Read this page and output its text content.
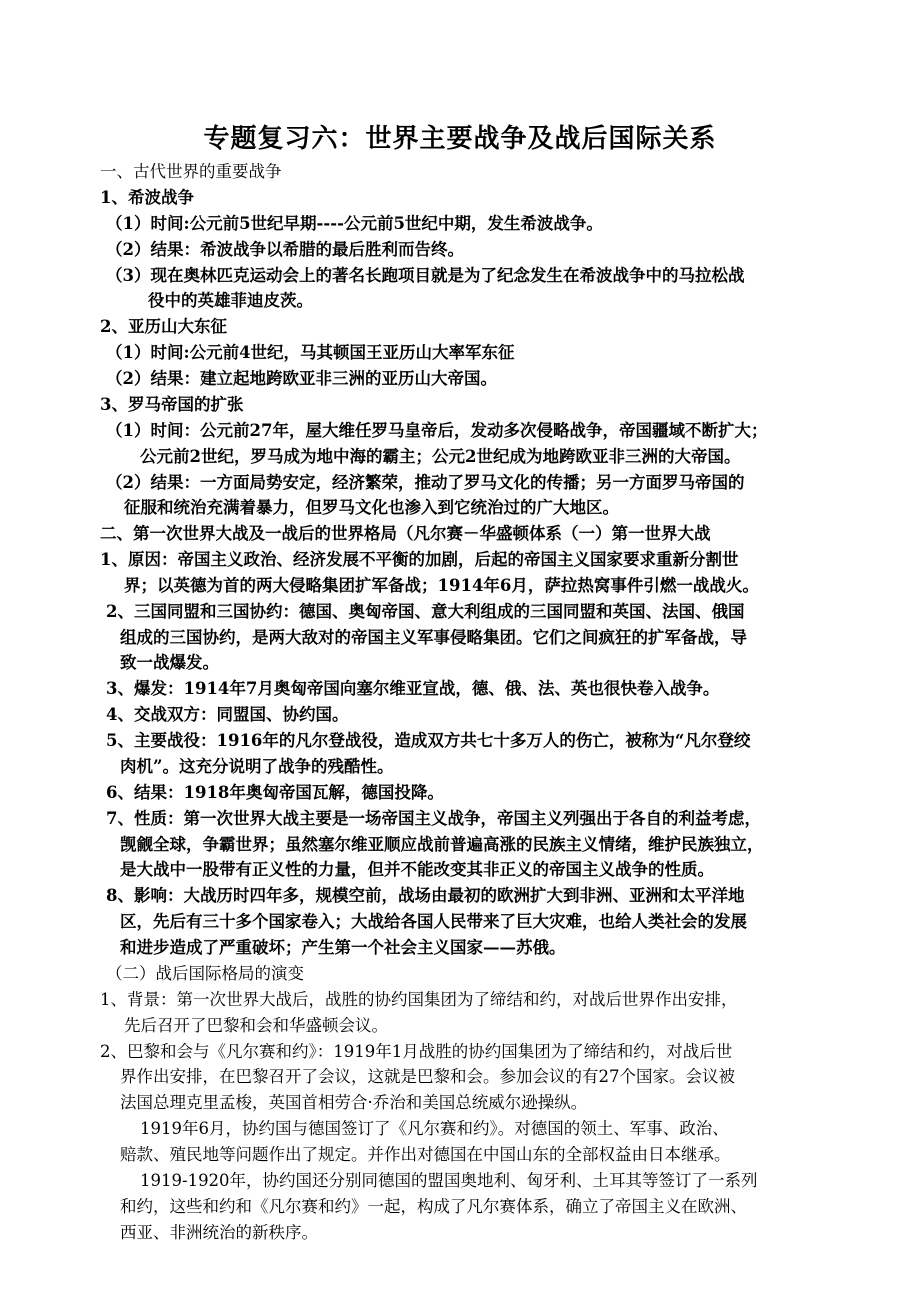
专题复习六：世界主要战争及战后国际关系
一、古代世界的重要战争
1、希波战争
（1）时间:公元前5世纪早期----公元前5世纪中期，发生希波战争。
（2）结果：希波战争以希腊的最后胜利而告终。
（3）现在奥林匹克运动会上的著名长跑项目就是为了纪念发生在希波战争中的马拉松战
役中的英雄菲迪皮茨。
2、亚历山大东征
（1）时间:公元前4世纪，马其顿国王亚历山大率军东征
（2）结果：建立起地跨欧亚非三洲的亚历山大帝国。
3、罗马帝国的扩张
（1）时间：公元前27年，屋大维任罗马皇帝后，发动多次侵略战争，帝国疆域不断扩大；
公元前2世纪，罗马成为地中海的霸主；公元2世纪成为地跨欧亚非三洲的大帝国。
（2）结果：一方面局势安定，经济繁荣，推动了罗马文化的传播；另一方面罗马帝国的
征服和统治充满着暴力，但罗马文化也渗入到它统治过的广大地区。
二、第一次世界大战及一战后的世界格局（凡尔赛－华盛顿体系（一）第一世界大战
1、原因：帝国主义政治、经济发展不平衡的加剧，后起的帝国主义国家要求重新分割世
界；以英德为首的两大侵略集团扩军备战；1914年6月，萨拉热窝事件引燃一战战火。
2、三国同盟和三国协约：德国、奥匈帝国、意大利组成的三国同盟和英国、法国、俄国
组成的三国协约，是两大敌对的帝国主义军事侵略集团。它们之间疯狂的扩军备战，导
致一战爆发。
3、爆发：1914年7月奥匈帝国向塞尔维亚宣战，德、俄、法、英也很快卷入战争。
4、交战双方：同盟国、协约国。
5、主要战役：1916年的凡尔登战役，造成双方共七十多万人的伤亡，被称为“凡尔登绞
肉机”。这充分说明了战争的残酷性。
6、结果：1918年奥匈帝国瓦解，德国投降。
7、性质：第一次世界大战主要是一场帝国主义战争，帝国主义列强出于各自的利益考虑，
觊觎全球，争霸世界；虽然塞尔维亚顺应战前普遍高涨的民族主义情绪，维护民族独立，
是大战中一股带有正义性的力量，但并不能改变其非正义的帝国主义战争的性质。
8、影响：大战历时四年多，规模空前，战场由最初的欧洲扩大到非洲、亚洲和太平洋地
区，先后有三十多个国家卷入；大战给各国人民带来了巨大灾难，也给人类社会的发展
和进步造成了严重破坏；产生第一个社会主义国家——苏俄。
（二）战后国际格局的演变
1、背景：第一次世界大战后，战胜的协约国集团为了缔结和约，对战后世界作出安排，
先后召开了巴黎和会和华盛顿会议。
2、巴黎和会与《凡尔赛和约》：1919年1月战胜的协约国集团为了缔结和约，对战后世
界作出安排，在巴黎召开了会议，这就是巴黎和会。参加会议的有27个国家。会议被
法国总理克里孟梭，英国首相劳合·乔治和美国总统威尔逊操纵。
1919年6月，协约国与德国签订了《凡尔赛和约》。对德国的领土、军事、政治、
赔款、殖民地等问题作出了规定。并作出对德国在中国山东的全部权益由日本继承。
1919-1920年，协约国还分别同德国的盟国奥地利、匈牙利、土耳其等签订了一系列
和约，这些和约和《凡尔赛和约》一起，构成了凡尔赛体系，确立了帝国主义在欧洲、
西亚、非洲统治的新秩序。
